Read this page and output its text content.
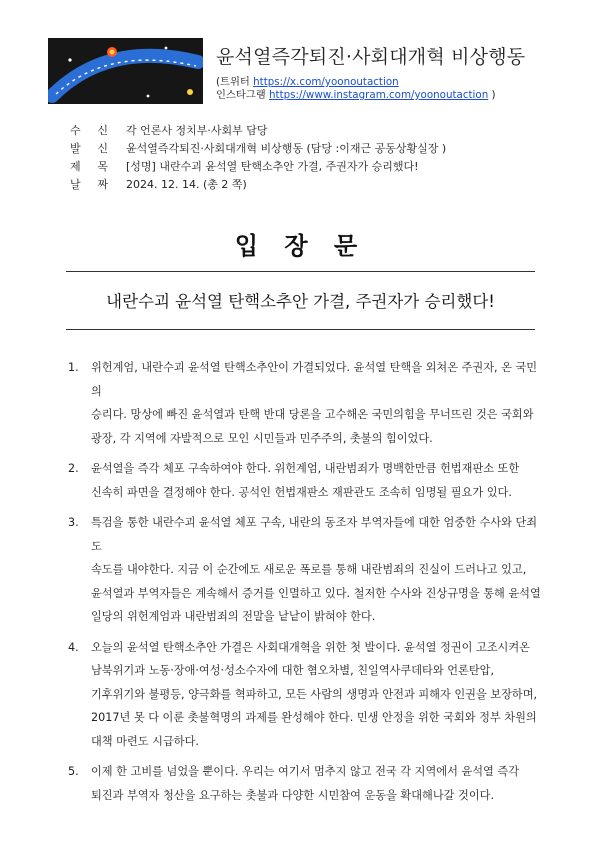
윤석열즉각퇴진·사회대개혁 비상행동
(트위터 https://x.com/yoonoutaction
인스타그램 https://www.instagram.com/yoonoutaction )
수 신 각 언론사 정치부·사회부 담당
발 신 윤석열즉각퇴진·사회대개혁 비상행동 (담당 :이재근 공동상황실장 )
제 목 [성명] 내란수괴 윤석열 탄핵소추안 가결, 주권자가 승리했다!
날 짜 2024. 12. 14. (총 2 쪽)
입 장 문
내란수괴 윤석열 탄핵소추안 가결, 주권자가 승리했다!
1.	위헌계엄, 내란수괴 윤석열 탄핵소추안이 가결되었다. 윤석열 탄핵을 외쳐온 주권자, 온 국민의
승리다. 망상에 빠진 윤석열과 탄핵 반대 당론을 고수해온 국민의힘을 무너뜨린 것은 국회와
광장, 각 지역에 자발적으로 모인 시민들과 민주주의, 촛불의 힘이었다.
2.	윤석열을 즉각 체포 구속하여야 한다. 위헌계엄, 내란범죄가 명백한만큼 헌법재판소 또한
신속히 파면을 결정해야 한다. 공석인 헌법재판소 재판관도 조속히 임명될 필요가 있다.
3.	특검을 통한 내란수괴 윤석열 체포 구속, 내란의 동조자 부역자들에 대한 엄중한 수사와 단죄도
속도를 내야한다. 지금 이 순간에도 새로운 폭로를 통해 내란범죄의 진실이 드러나고 있고,
윤석열과 부역자들은 계속해서 증거를 인멸하고 있다. 철저한 수사와 진상규명을 통해 윤석열
일당의 위헌계엄과 내란범죄의 전말을 낱낱이 밝혀야 한다.
4.	오늘의 윤석열 탄핵소추안 가결은 사회대개혁을 위한 첫 발이다. 윤석열 정권이 고조시켜온
남북위기과 노동·장애·여성·성소수자에 대한 혐오차별, 친일역사쿠데타와 언론탄압,
기후위기와 불평등, 양극화를 혁파하고, 모든 사람의 생명과 안전과 피해자 인권을 보장하며,
2017년 못 다 이룬 촛불혁명의 과제를 완성해야 한다. 민생 안정을 위한 국회와 정부 차원의
대책 마련도 시급하다.
5.	이제 한 고비를 넘었을 뿐이다. 우리는 여기서 멈추지 않고 전국 각 지역에서 윤석열 즉각
퇴진과 부역자 청산을 요구하는 촛불과 다양한 시민참여 운동을 확대해나갈 것이다.
